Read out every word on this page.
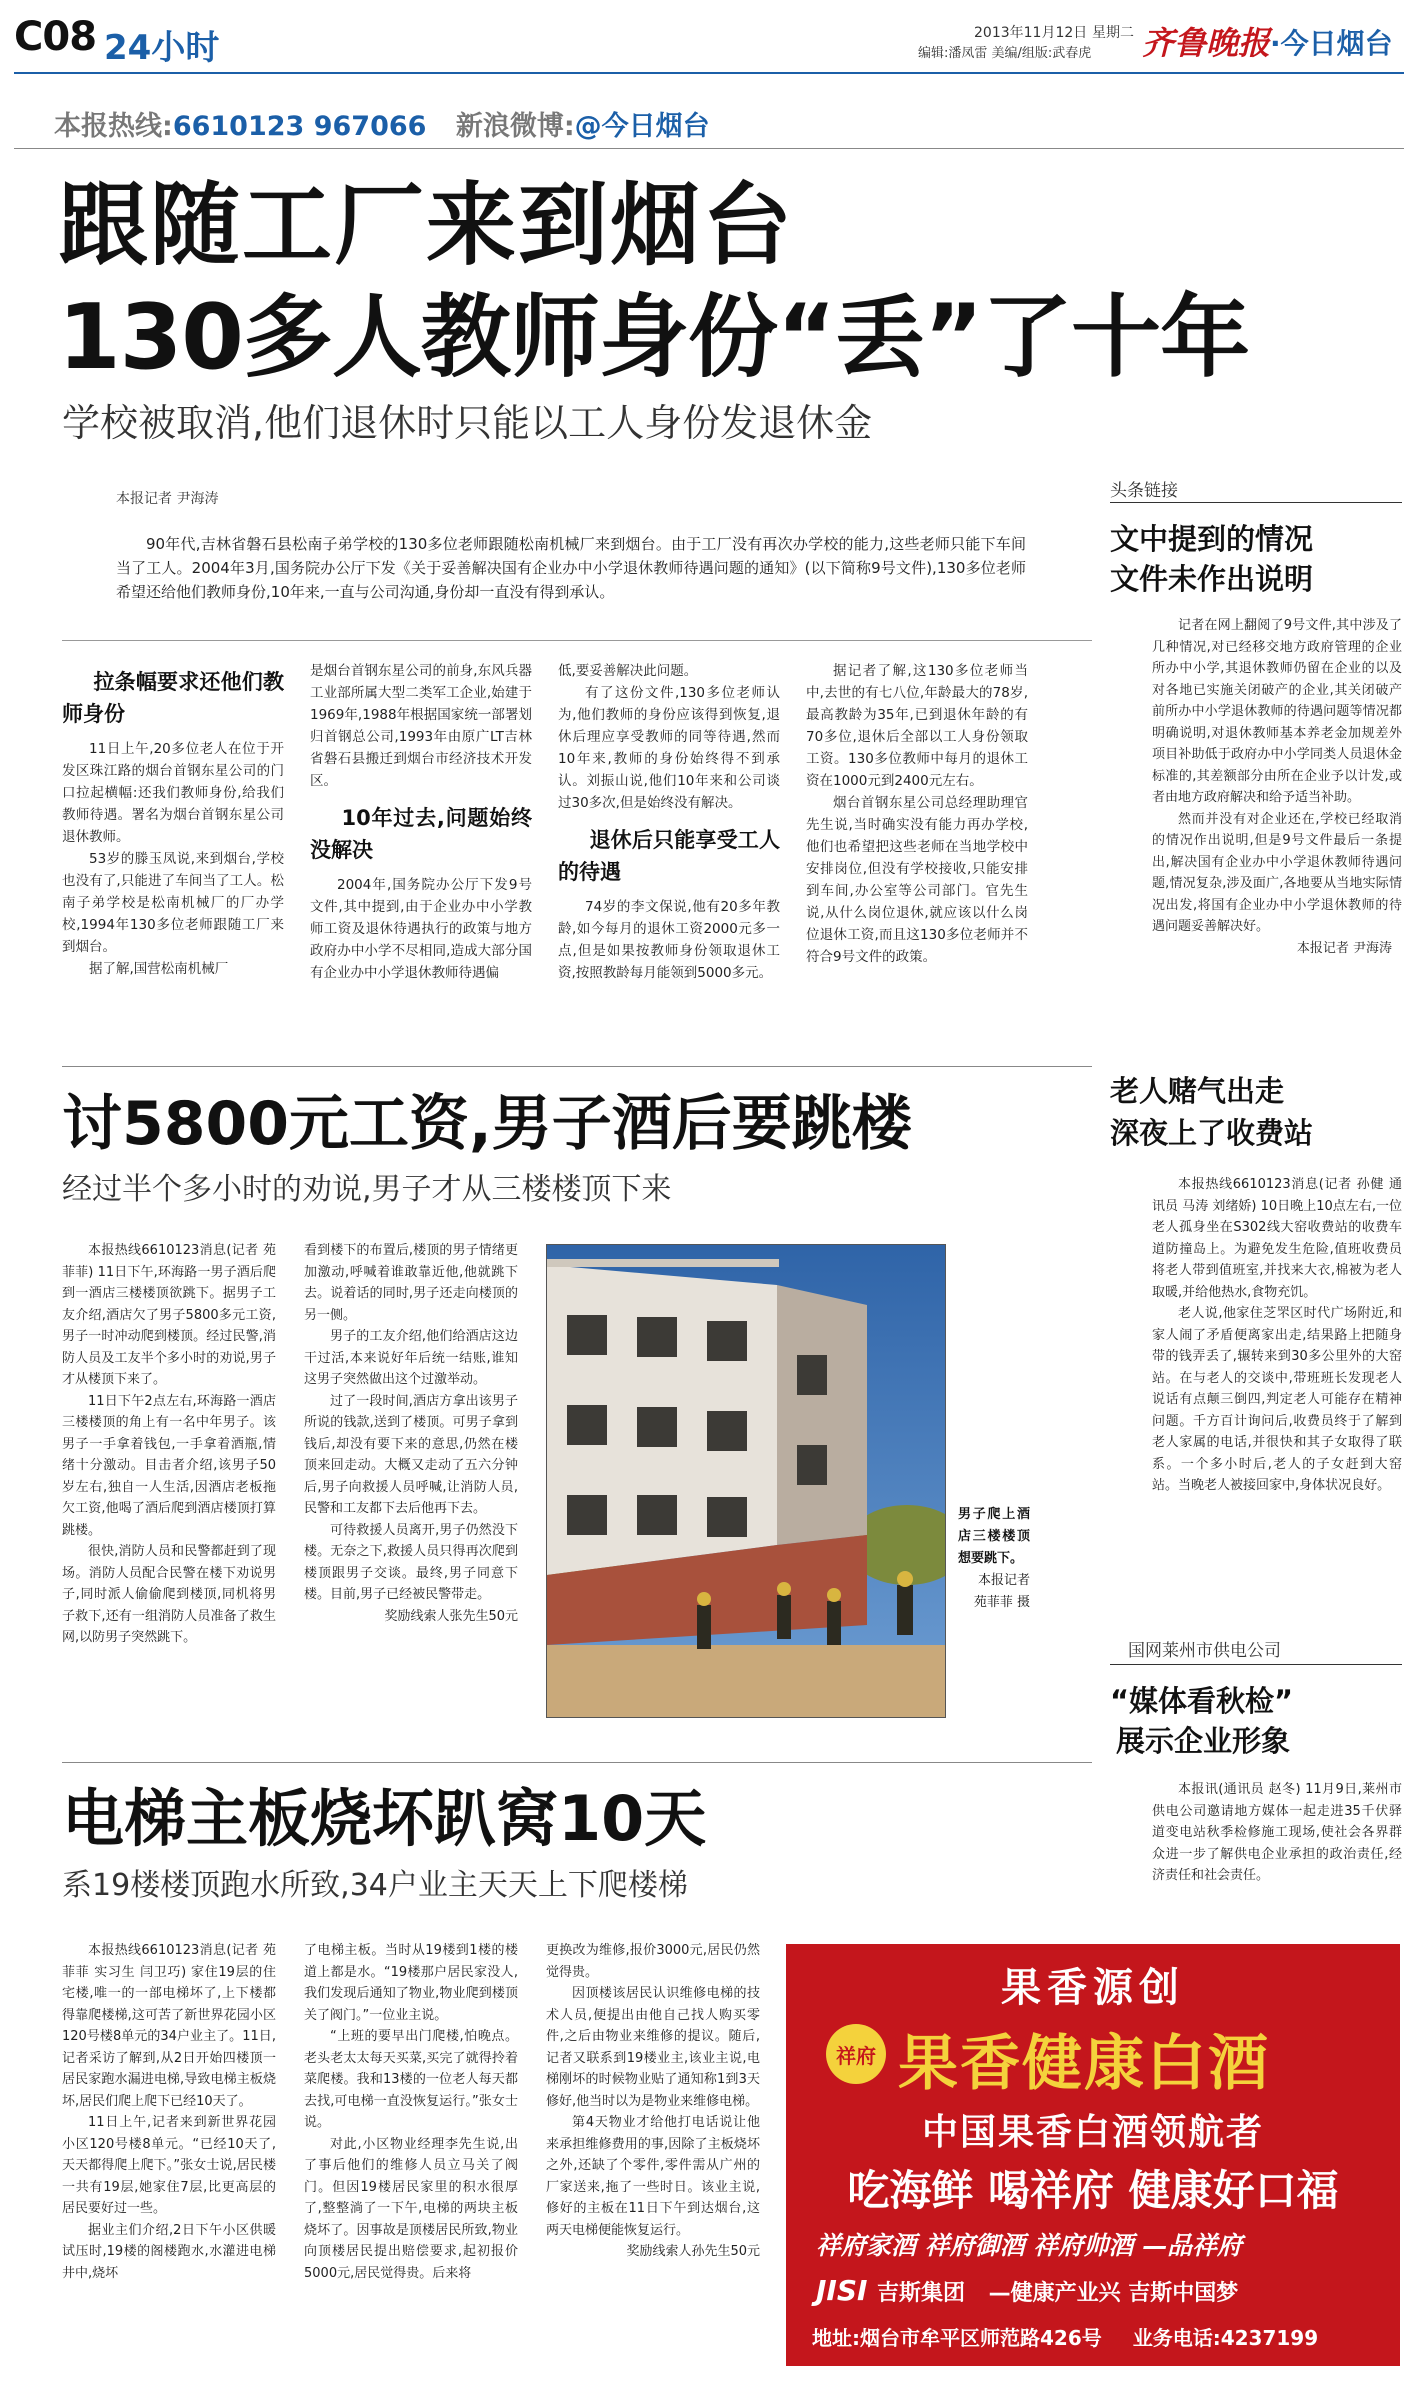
C08 24小时	2013年11月12日 星期二
编辑:潘凤雷 美编/组版:武春虎 齐鲁晚报 ·今日烟台
本报热线:6610123 967066 新浪微博:@今日烟台
跟随工厂来到烟台
130多人教师身份“丢”了十年
学校被取消,他们退休时只能以工人身份发退休金
本报记者 尹海涛

90年代,吉林省磐石县松南子弟学校的130多位老师跟随松南机械厂来到烟台。由于工厂没有再次办学校的能力,这些老师只能下车间当了工人。2004年3月,国务院办公厅下发《关于妥善解决国有企业办中小学退休教师待遇问题的通知》(以下简称9号文件),130多位老师希望还给他们教师身份,10年来,一直与公司沟通,身份却一直没有得到承认。

拉条幅要求还他们教师身份

11日上午,20多位老人在位于开发区珠江路的烟台首钢东星公司的门口拉起横幅:还我们教师身份,给我们教师待遇。署名为烟台首钢东星公司退休教师。

53岁的滕玉凤说,来到烟台,学校也没有了,只能进了车间当了工人。松南子弟学校是松南机械厂的厂办学校,1994年130多位老师跟随工厂来到烟台。

据了解,国营松南机械厂

是烟台首钢东星公司的前身,东风兵器工业部所属大型二类军工企业,始建于1969年,1988年根据国家统一部署划归首钢总公司,1993年由原广LT吉林省磐石县搬迁到烟台市经济技术开发区。

10年过去,问题始终没解决

2004年,国务院办公厅下发9号文件,其中提到,由于企业办中小学教师工资及退休待遇执行的政策与地方政府办中小学不尽相同,造成大部分国有企业办中小学退休教师待遇偏

低,要妥善解决此问题。

有了这份文件,130多位老师认为,他们教师的身份应该得到恢复,退休后理应享受教师的同等待遇,然而10年来,教师的身份始终得不到承认。刘振山说,他们10年来和公司谈过30多次,但是始终没有解决。

退休后只能享受工人的待遇

74岁的李文保说,他有20多年教龄,如今每月的退休工资2000元多一点,但是如果按教师身份领取退休工资,按照教龄每月能领到5000多元。

据记者了解,这130多位老师当中,去世的有七八位,年龄最大的78岁,最高教龄为35年,已到退休年龄的有70多位,退休后全部以工人身份领取工资。130多位教师中每月的退休工资在1000元到2400元左右。

烟台首钢东星公司总经理助理官先生说,当时确实没有能力再办学校,他们也希望把这些老师在当地学校中安排岗位,但没有学校接收,只能安排到车间,办公室等公司部门。官先生说,从什么岗位退休,就应该以什么岗位退休工资,而且这130多位老师并不符合9号文件的政策。

头条链接
文中提到的情况
文件未作出说明

记者在网上翻阅了9号文件,其中涉及了几种情况,对已经移交地方政府管理的企业所办中小学,其退休教师仍留在企业的以及对各地已实施关闭破产的企业,其关闭破产前所办中小学退休教师的待遇问题等情况都明确说明,对退休教师基本养老金加规差外项目补助低于政府办中小学同类人员退休金标准的,其差额部分由所在企业予以计发,或者由地方政府解决和给予适当补助。

然而并没有对企业还在,学校已经取消的情况作出说明,但是9号文件最后一条提出,解决国有企业办中小学退休教师待遇问题,情况复杂,涉及面广,各地要从当地实际情况出发,将国有企业办中小学退休教师的待遇问题妥善解决好。

本报记者 尹海涛
讨5800元工资,男子酒后要跳楼
经过半个多小时的劝说,男子才从三楼楼顶下来

本报热线6610123消息(记者 苑菲菲) 11日下午,环海路一男子酒后爬到一酒店三楼楼顶欲跳下。据男子工友介绍,酒店欠了男子5800多元工资,男子一时冲动爬到楼顶。经过民警,消防人员及工友半个多小时的劝说,男子才从楼顶下来了。

11日下午2点左右,环海路一酒店三楼楼顶的角上有一名中年男子。该男子一手拿着钱包,一手拿着酒瓶,情绪十分激动。目击者介绍,该男子50岁左右,独自一人生活,因酒店老板拖欠工资,他喝了酒后爬到酒店楼顶打算跳楼。

很快,消防人员和民警都赶到了现场。消防人员配合民警在楼下劝说男子,同时派人偷偷爬到楼顶,同机将男子救下,还有一组消防人员准备了救生网,以防男子突然跳下。

看到楼下的布置后,楼顶的男子情绪更加激动,呼喊着谁敢靠近他,他就跳下去。说着话的同时,男子还走向楼顶的另一侧。

男子的工友介绍,他们给酒店这边干过活,本来说好年后统一结账,谁知这男子突然做出这个过激举动。

过了一段时间,酒店方拿出该男子所说的钱款,送到了楼顶。可男子拿到钱后,却没有要下来的意思,仍然在楼顶来回走动。大概又走动了五六分钟后,男子向救援人员呼喊,让消防人员,民警和工友都下去后他再下去。

可待救援人员离开,男子仍然没下楼。无奈之下,救援人员只得再次爬到楼顶跟男子交谈。最终,男子同意下楼。目前,男子已经被民警带走。

奖励线索人张先生50元
男子爬上酒店三楼楼顶想要跳下。
本报记者
苑菲菲 摄
老人赌气出走
深夜上了收费站

本报热线6610123消息(记者 孙健 通讯员 马涛 刘绪娇) 10日晚上10点左右,一位老人孤身坐在S302线大窑收费站的收费车道防撞岛上。为避免发生危险,值班收费员将老人带到值班室,并找来大衣,棉被为老人取暖,并给他热水,食物充饥。

老人说,他家住芝罘区时代广场附近,和家人闹了矛盾便离家出走,结果路上把随身带的钱弄丢了,辗转来到30多公里外的大窑站。在与老人的交谈中,带班班长发现老人说话有点颠三倒四,判定老人可能存在精神问题。千方百计询问后,收费员终于了解到老人家属的电话,并很快和其子女取得了联系。一个多小时后,老人的子女赶到大窑站。当晚老人被接回家中,身体状况良好。

国网莱州市供电公司
“媒体看秋检”
展示企业形象

本报讯(通讯员 赵冬) 11月9日,莱州市供电公司邀请地方媒体一起走进35千伏驿道变电站秋季检修施工现场,使社会各界群众进一步了解供电企业承担的政治责任,经济责任和社会责任。

电梯主板烧坏趴窝10天
系19楼楼顶跑水所致,34户业主天天上下爬楼梯

本报热线6610123消息(记者 苑菲菲 实习生 闫卫巧) 家住19层的住宅楼,唯一的一部电梯坏了,上下楼都得靠爬楼梯,这可苦了新世界花园小区120号楼8单元的34户业主了。11日,记者采访了解到,从2日开始四楼顶一居民家跑水漏进电梯,导致电梯主板烧坏,居民们爬上爬下已经10天了。

11日上午,记者来到新世界花园小区120号楼8单元。“已经10天了,天天都得爬上爬下。”张女士说,居民楼一共有19层,她家住7层,比更高层的居民要好过一些。

据业主们介绍,2日下午小区供暖试压时,19楼的阁楼跑水,水灌进电梯井中,烧坏

了电梯主板。当时从19楼到1楼的楼道上都是水。“19楼那户居民家没人,我们发现后通知了物业,物业爬到楼顶关了阀门。”一位业主说。

“上班的要早出门爬楼,怕晚点。老头老太太每天买菜,买完了就得拎着菜爬楼。我和13楼的一位老人每天都去找,可电梯一直没恢复运行。”张女士说。

对此,小区物业经理李先生说,出了事后他们的维修人员立马关了阀门。但因19楼居民家里的积水很厚了,整整淌了一下午,电梯的两块主板烧坏了。因事故是顶楼居民所致,物业向顶楼居民提出赔偿要求,起初报价5000元,居民觉得贵。后来将

更换改为维修,报价3000元,居民仍然觉得贵。

因顶楼该居民认识维修电梯的技术人员,便提出由他自己找人购买零件,之后由物业来维修的提议。随后,记者又联系到19楼业主,该业主说,电梯刚坏的时候物业贴了通知称1到3天修好,他当时以为是物业来维修电梯。

第4天物业才给他打电话说让他来承担维修费用的事,因除了主板烧坏之外,还缺了个零件,零件需从广州的厂家送来,拖了一些时日。该业主说,修好的主板在11日下午到达烟台,这两天电梯便能恢复运行。

奖励线索人孙先生50元
果香源创
祥府 果香健康白酒
中国果香白酒领航者
吃海鲜 喝祥府 健康好口福
祥府家酒 祥府御酒 祥府帅酒 —品祥府
JISI 吉斯集团 —健康产业兴 吉斯中国梦
地址:烟台市牟平区师范路426号 业务电话:4237199
